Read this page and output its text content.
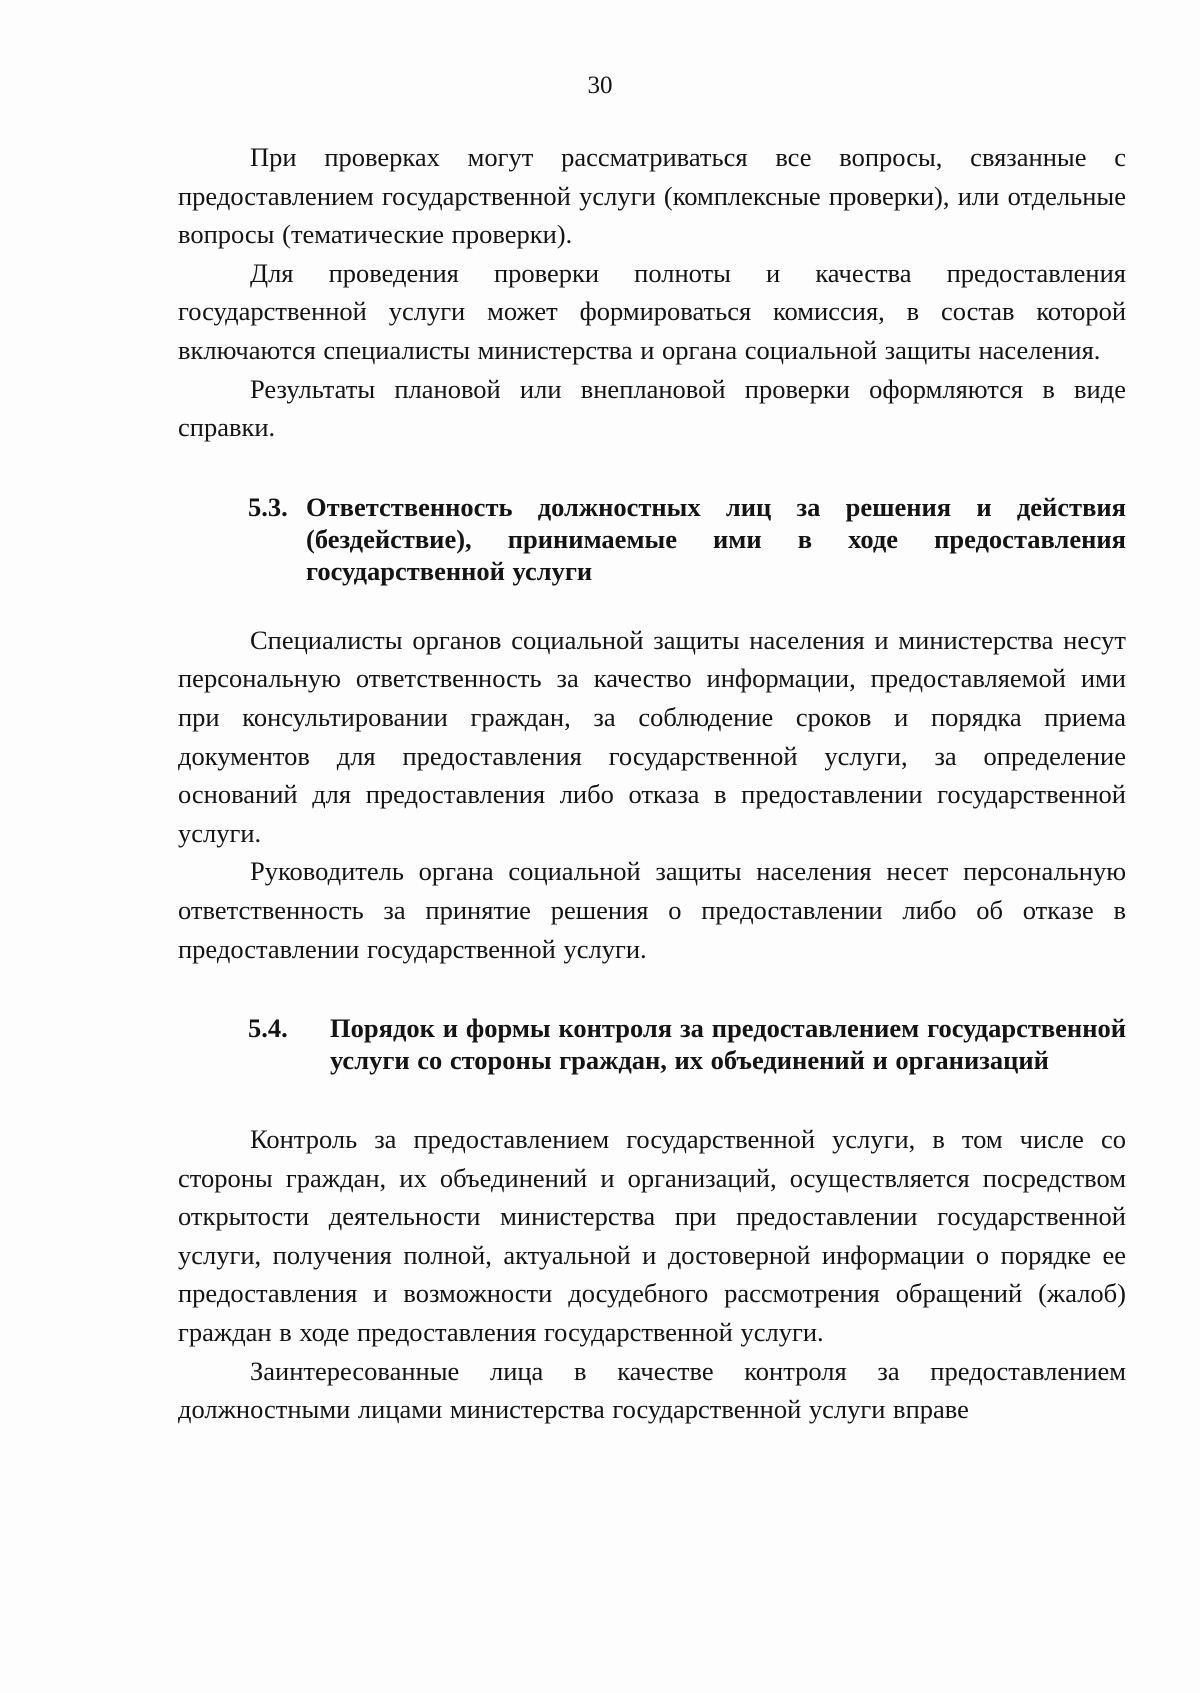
30

При проверках могут рассматриваться все вопросы, связанные с предоставлением государственной услуги (комплексные проверки), или отдельные вопросы (тематические проверки).

Для проведения проверки полноты и качества предоставления государственной услуги может формироваться комиссия, в состав которой включаются специалисты министерства и органа социальной защиты населения.

Результаты плановой или внеплановой проверки оформляются в виде справки.

5.3. Ответственность должностных лиц за решения и действия (бездействие), принимаемые ими в ходе предоставления государственной услуги

Специалисты органов социальной защиты населения и министерства несут персональную ответственность за качество информации, предоставляемой ими при консультировании граждан, за соблюдение сроков и порядка приема документов для предоставления государственной услуги, за определение оснований для предоставления либо отказа в предоставлении государственной услуги.

Руководитель органа социальной защиты населения несет персональную ответственность за принятие решения о предоставлении либо об отказе в предоставлении государственной услуги.

5.4.	Порядок и формы контроля за предоставлением государственной услуги со стороны граждан, их объединений и организаций

Контроль за предоставлением государственной услуги, в том числе со стороны граждан, их объединений и организаций, осуществляется посредством открытости деятельности министерства при предоставлении государственной услуги, получения полной, актуальной и достоверной информации о порядке ее предоставления и возможности досудебного рассмотрения обращений (жалоб) граждан в ходе предоставления государственной услуги.

Заинтересованные лица в качестве контроля за предоставлением должностными лицами министерства государственной услуги вправе
